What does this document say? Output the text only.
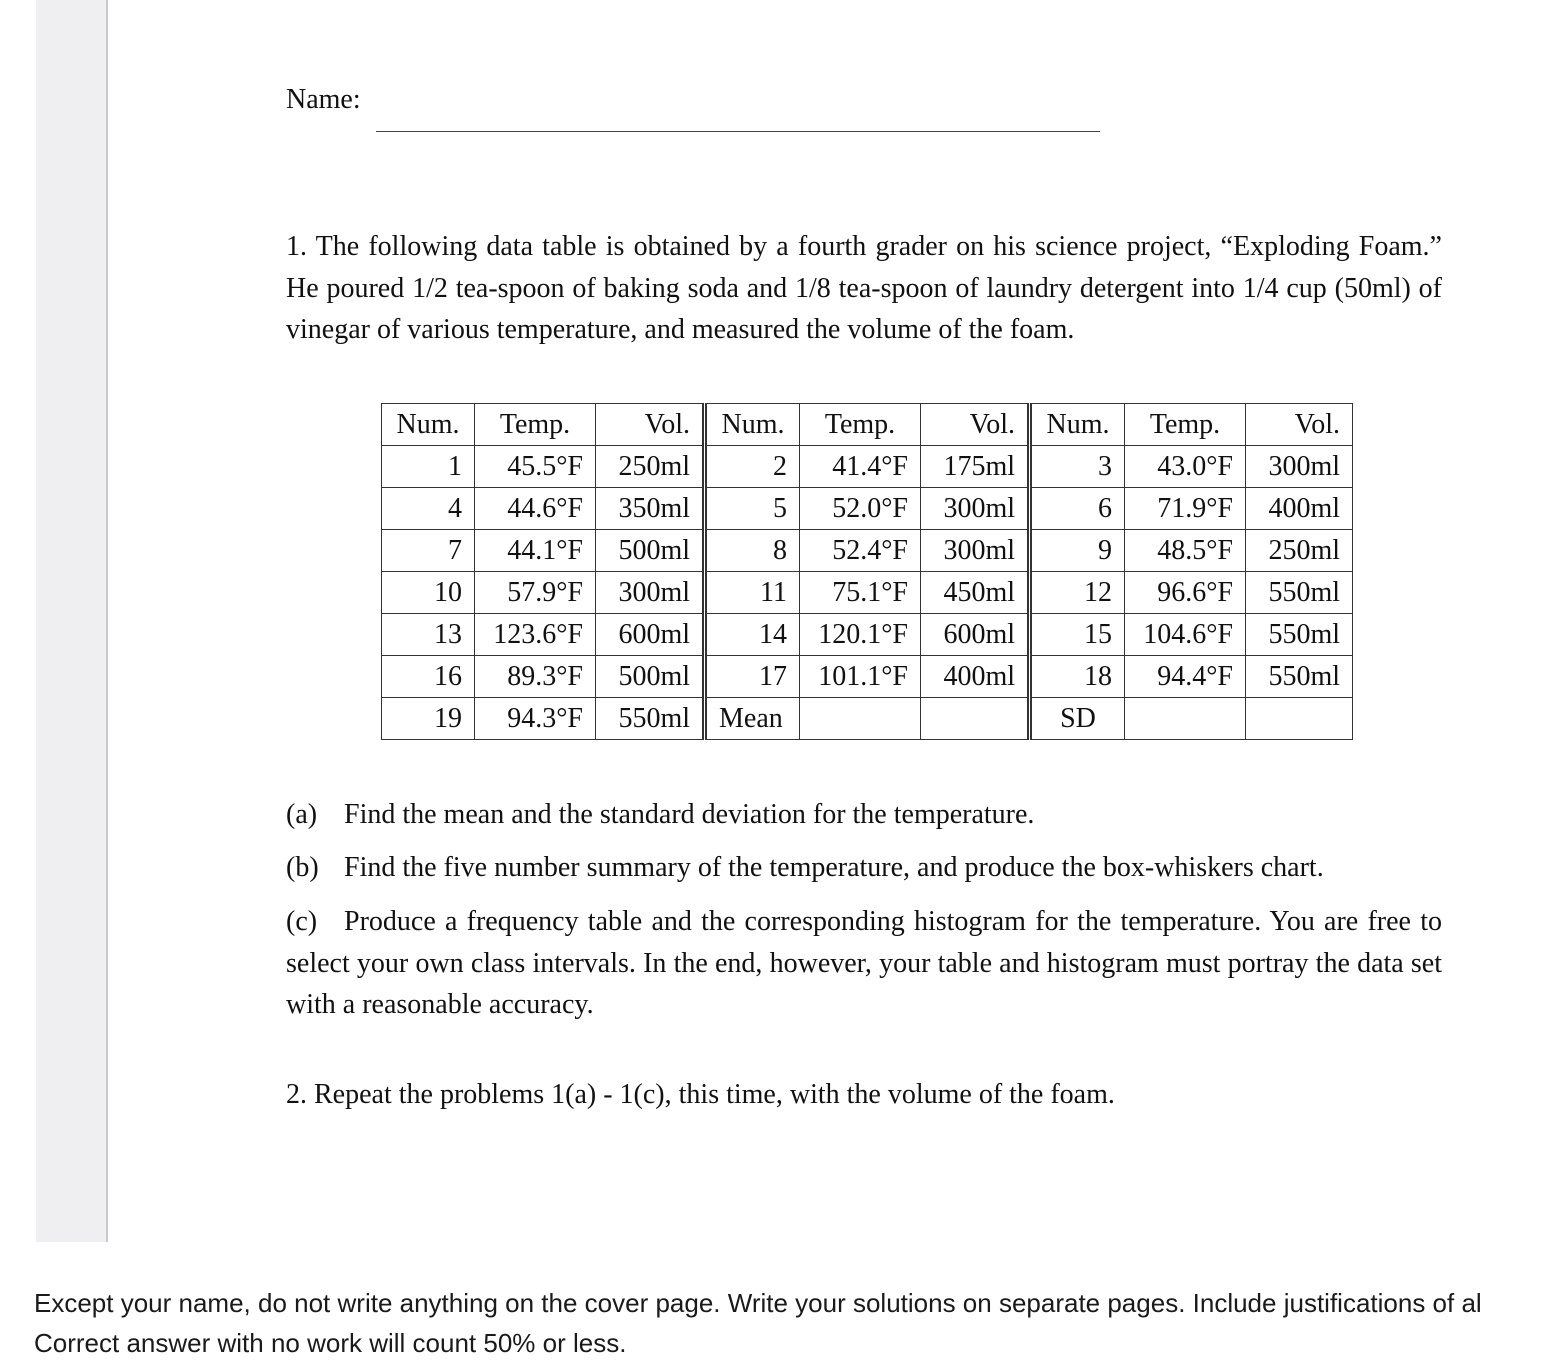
Name:
1. The following data table is obtained by a fourth grader on his science project, “Exploding Foam.” He poured 1/2 tea-spoon of baking soda and 1/8 tea-spoon of laundry detergent into 1/4 cup (50ml) of vinegar of various temperature, and measured the volume of the foam.
Num.	Temp.	Vol.	Num.	Temp.	Vol.	Num.	Temp.	Vol.
1	45.5°F	250ml	2	41.4°F	175ml	3	43.0°F	300ml
4	44.6°F	350ml	5	52.0°F	300ml	6	71.9°F	400ml
7	44.1°F	500ml	8	52.4°F	300ml	9	48.5°F	250ml
10	57.9°F	300ml	11	75.1°F	450ml	12	96.6°F	550ml
13	123.6°F	600ml	14	120.1°F	600ml	15	104.6°F	550ml
16	89.3°F	500ml	17	101.1°F	400ml	18	94.4°F	550ml
19	94.3°F	550ml	Mean			SD		
(a) Find the mean and the standard deviation for the temperature.
(b) Find the five number summary of the temperature, and produce the box-whiskers chart.
(c) Produce a frequency table and the corresponding histogram for the temperature. You are free to select your own class intervals. In the end, however, your table and histogram must portray the data set with a reasonable accuracy.
2. Repeat the problems 1(a) - 1(c), this time, with the volume of the foam.
Except your name, do not write anything on the cover page. Write your solutions on separate pages. Include justifications of al
Correct answer with no work will count 50% or less.
